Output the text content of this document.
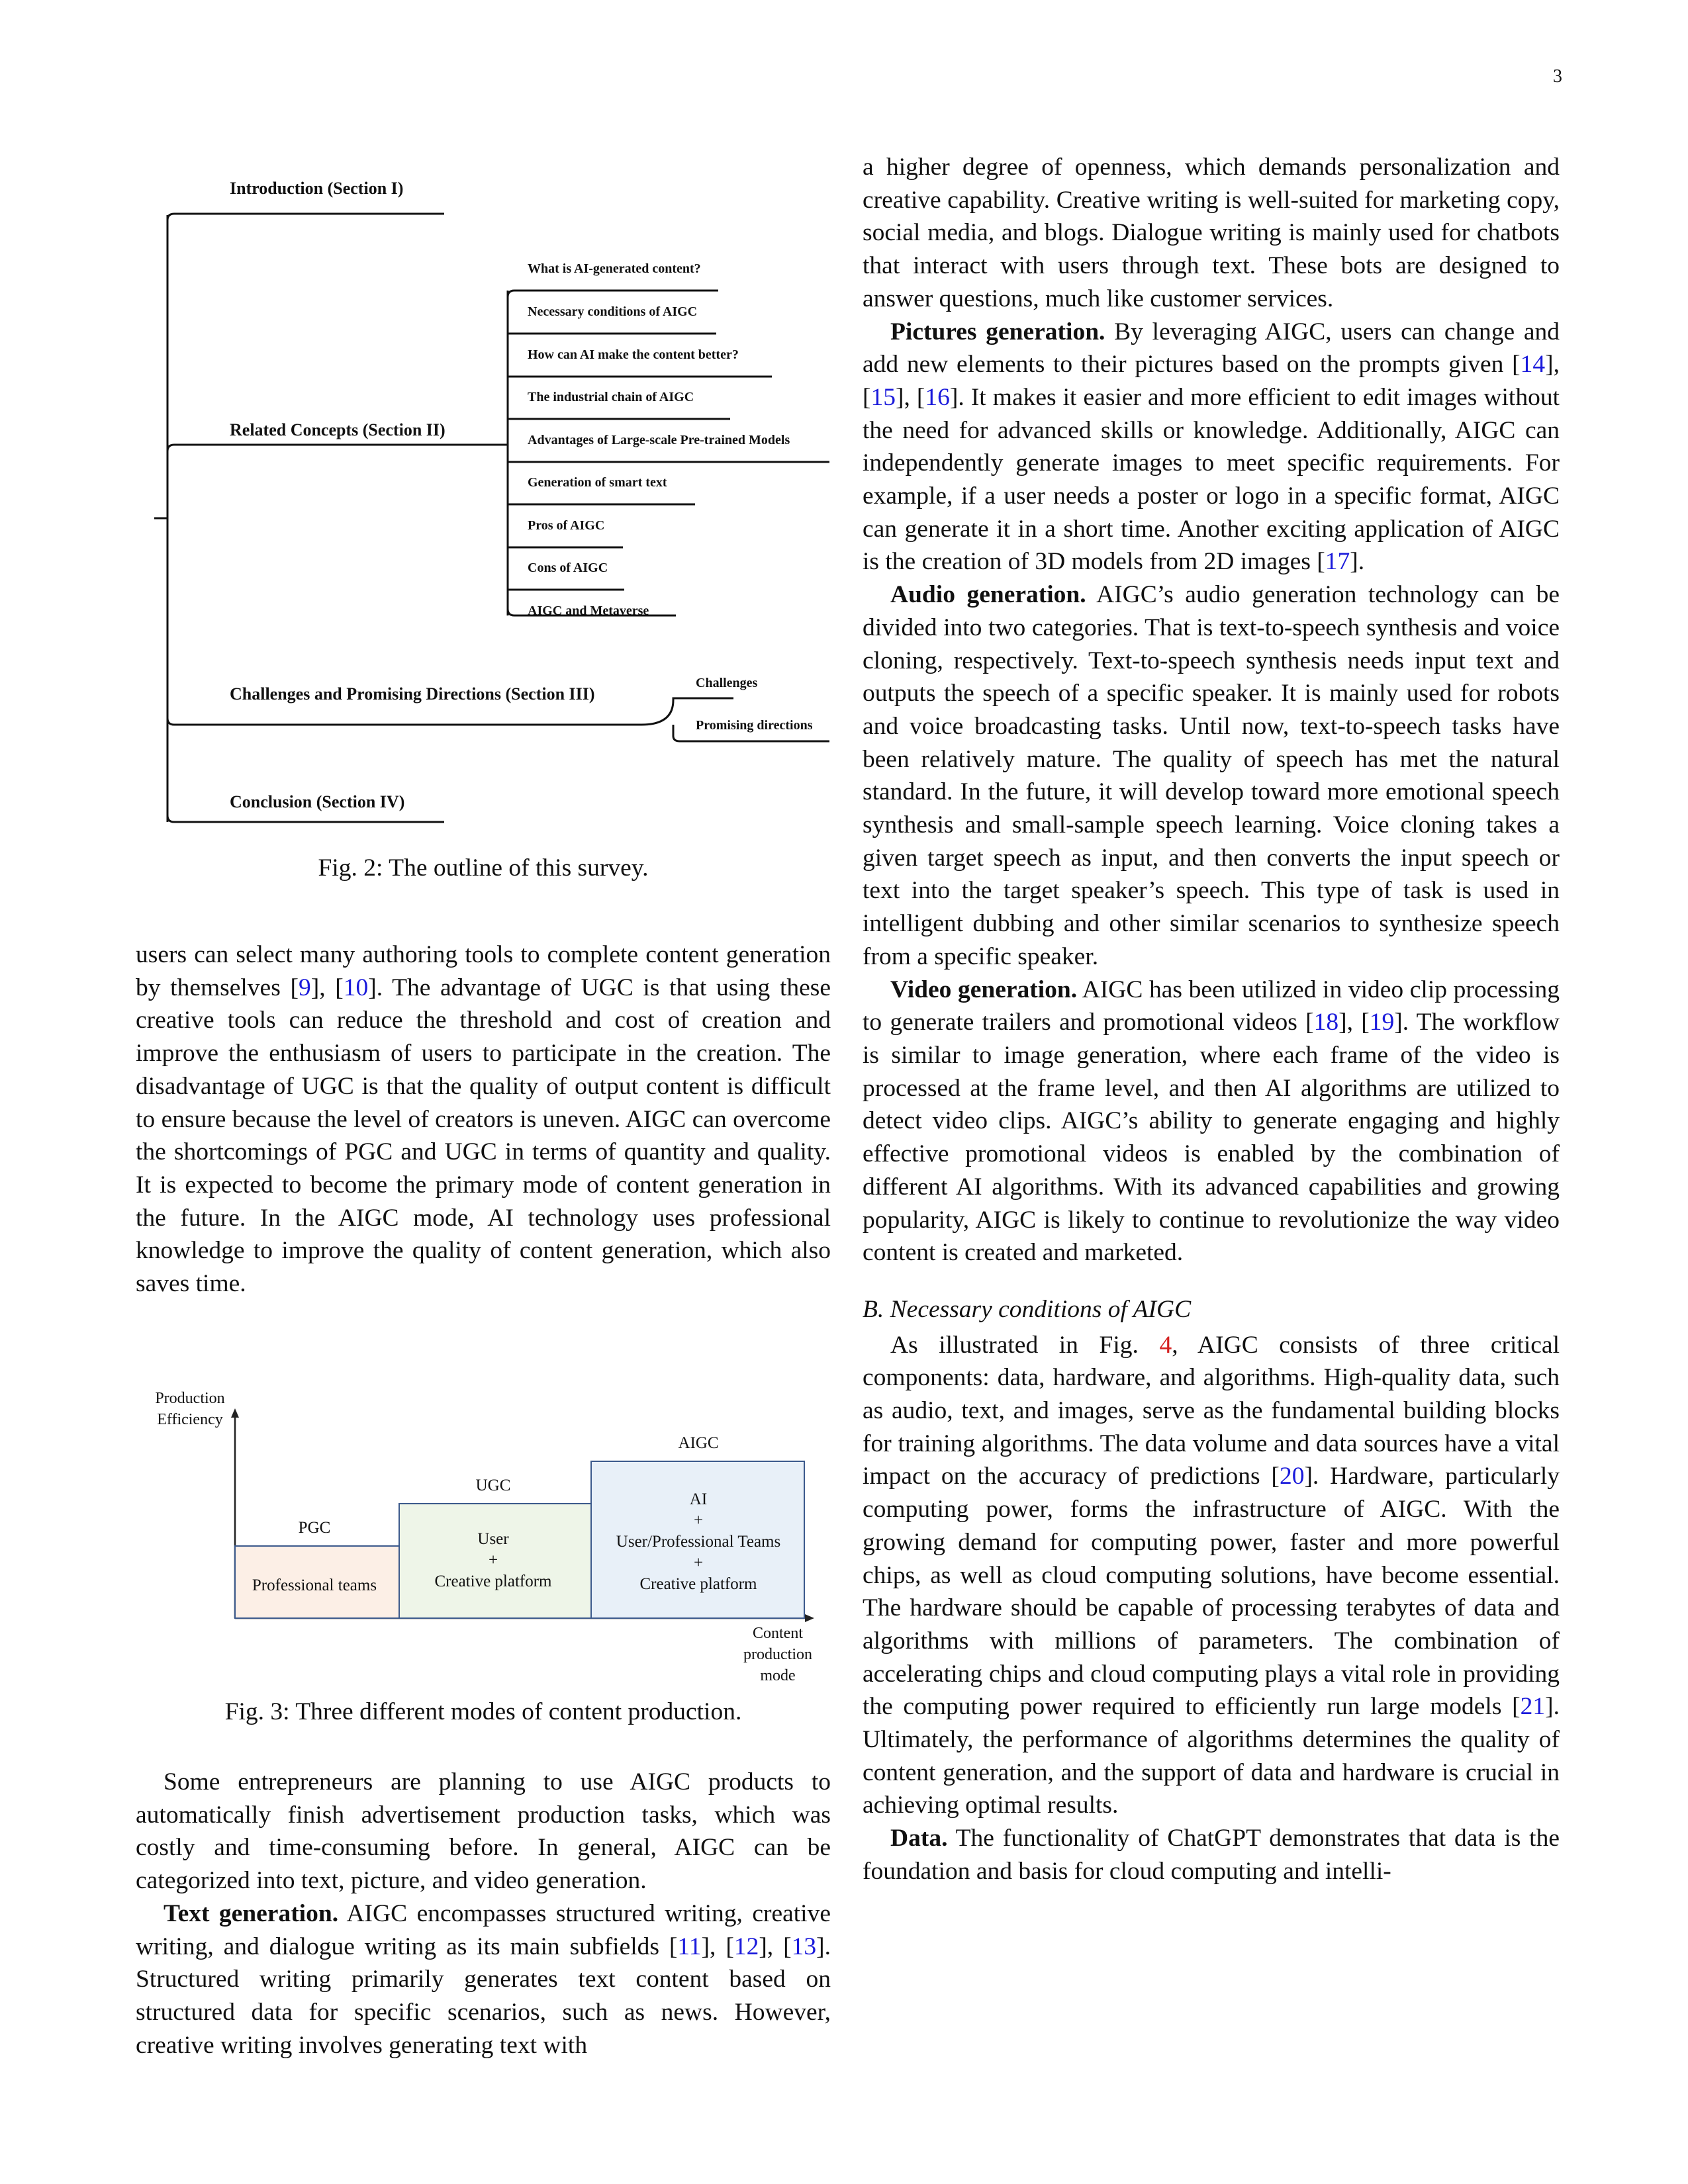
3
Introduction (Section I)
Related Concepts (Section II)
Challenges and Promising Directions (Section III)
Conclusion (Section IV)
What is AI-generated content?
Necessary conditions of AIGC
How can AI make the content better?
The industrial chain of AIGC
Advantages of Large-scale Pre-trained Models
Generation of smart text
Pros of AIGC
Cons of AIGC
AIGC and Metaverse
Challenges
Promising directions
Fig. 2: The outline of this survey.

users can select many authoring tools to complete content generation by themselves [9], [10]. The advantage of UGC is that using these creative tools can reduce the threshold and cost of creation and improve the enthusiasm of users to participate in the creation. The disadvantage of UGC is that the quality of output content is difficult to ensure because the level of creators is uneven. AIGC can overcome the shortcomings of PGC and UGC in terms of quantity and quality. It is expected to become the primary mode of content generation in the future. In the AIGC mode, AI technology uses professional knowledge to improve the quality of content generation, which also saves time.

Production
Efficiency
PGC
UGC
AIGC
Professional teams
User
+
Creative platform
AI
+
User/Professional Teams
+
Creative platform
Content
production
mode
Fig. 3: Three different modes of content production.

Some entrepreneurs are planning to use AIGC products to automatically finish advertisement production tasks, which was costly and time-consuming before. In general, AIGC can be categorized into text, picture, and video generation.

Text generation. AIGC encompasses structured writing, creative writing, and dialogue writing as its main subfields [11], [12], [13]. Structured writing primarily generates text content based on structured data for specific scenarios, such as news. However, creative writing involves generating text with

a higher degree of openness, which demands personalization and creative capability. Creative writing is well-suited for marketing copy, social media, and blogs. Dialogue writing is mainly used for chatbots that interact with users through text. These bots are designed to answer questions, much like customer services.

Pictures generation. By leveraging AIGC, users can change and add new elements to their pictures based on the prompts given [14], [15], [16]. It makes it easier and more efficient to edit images without the need for advanced skills or knowledge. Additionally, AIGC can independently generate images to meet specific requirements. For example, if a user needs a poster or logo in a specific format, AIGC can generate it in a short time. Another exciting application of AIGC is the creation of 3D models from 2D images [17].

Audio generation. AIGC’s audio generation technology can be divided into two categories. That is text-to-speech synthesis and voice cloning, respectively. Text-to-speech synthesis needs input text and outputs the speech of a specific speaker. It is mainly used for robots and voice broadcasting tasks. Until now, text-to-speech tasks have been relatively mature. The quality of speech has met the natural standard. In the future, it will develop toward more emotional speech synthesis and small-sample speech learning. Voice cloning takes a given target speech as input, and then converts the input speech or text into the target speaker’s speech. This type of task is used in intelligent dubbing and other similar scenarios to synthesize speech from a specific speaker.

Video generation. AIGC has been utilized in video clip processing to generate trailers and promotional videos [18], [19]. The workflow is similar to image generation, where each frame of the video is processed at the frame level, and then AI algorithms are utilized to detect video clips. AIGC’s ability to generate engaging and highly effective promotional videos is enabled by the combination of different AI algorithms. With its advanced capabilities and growing popularity, AIGC is likely to continue to revolutionize the way video content is created and marketed.

B. Necessary conditions of AIGC

As illustrated in Fig. 4, AIGC consists of three critical components: data, hardware, and algorithms. High-quality data, such as audio, text, and images, serve as the fundamental building blocks for training algorithms. The data volume and data sources have a vital impact on the accuracy of predictions [20]. Hardware, particularly computing power, forms the infrastructure of AIGC. With the growing demand for computing power, faster and more powerful chips, as well as cloud computing solutions, have become essential. The hardware should be capable of processing terabytes of data and algorithms with millions of parameters. The combination of accelerating chips and cloud computing plays a vital role in providing the computing power required to efficiently run large models [21]. Ultimately, the performance of algorithms determines the quality of content generation, and the support of data and hardware is crucial in achieving optimal results.

Data. The functionality of ChatGPT demonstrates that data is the foundation and basis for cloud computing and intelli-
